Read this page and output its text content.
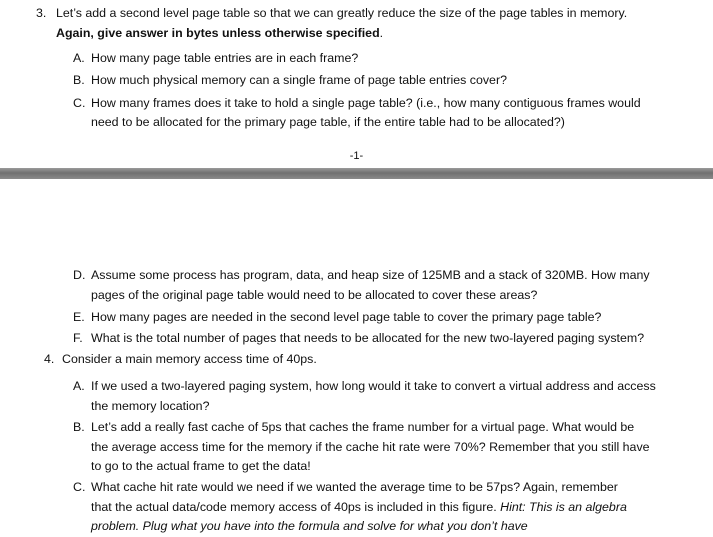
3. Let’s add a second level page table so that we can greatly reduce the size of the page tables in memory.
Again, give answer in bytes unless otherwise specified.
A. How many page table entries are in each frame?
B. How much physical memory can a single frame of page table entries cover?
C. How many frames does it take to hold a single page table? (i.e., how many contiguous frames would
need to be allocated for the primary page table, if the entire table had to be allocated?)
-1-
D. Assume some process has program, data, and heap size of 125MB and a stack of 320MB. How many
pages of the original page table would need to be allocated to cover these areas?
E. How many pages are needed in the second level page table to cover the primary page table?
F. What is the total number of pages that needs to be allocated for the new two-layered paging system?
4. Consider a main memory access time of 40ps.
A. If we used a two-layered paging system, how long would it take to convert a virtual address and access
the memory location?
B. Let’s add a really fast cache of 5ps that caches the frame number for a virtual page. What would be
the average access time for the memory if the cache hit rate were 70%? Remember that you still have
to go to the actual frame to get the data!
C. What cache hit rate would we need if we wanted the average time to be 57ps? Again, remember
that the actual data/code memory access of 40ps is included in this figure. Hint: This is an algebra
problem. Plug what you have into the formula and solve for what you don’t have
